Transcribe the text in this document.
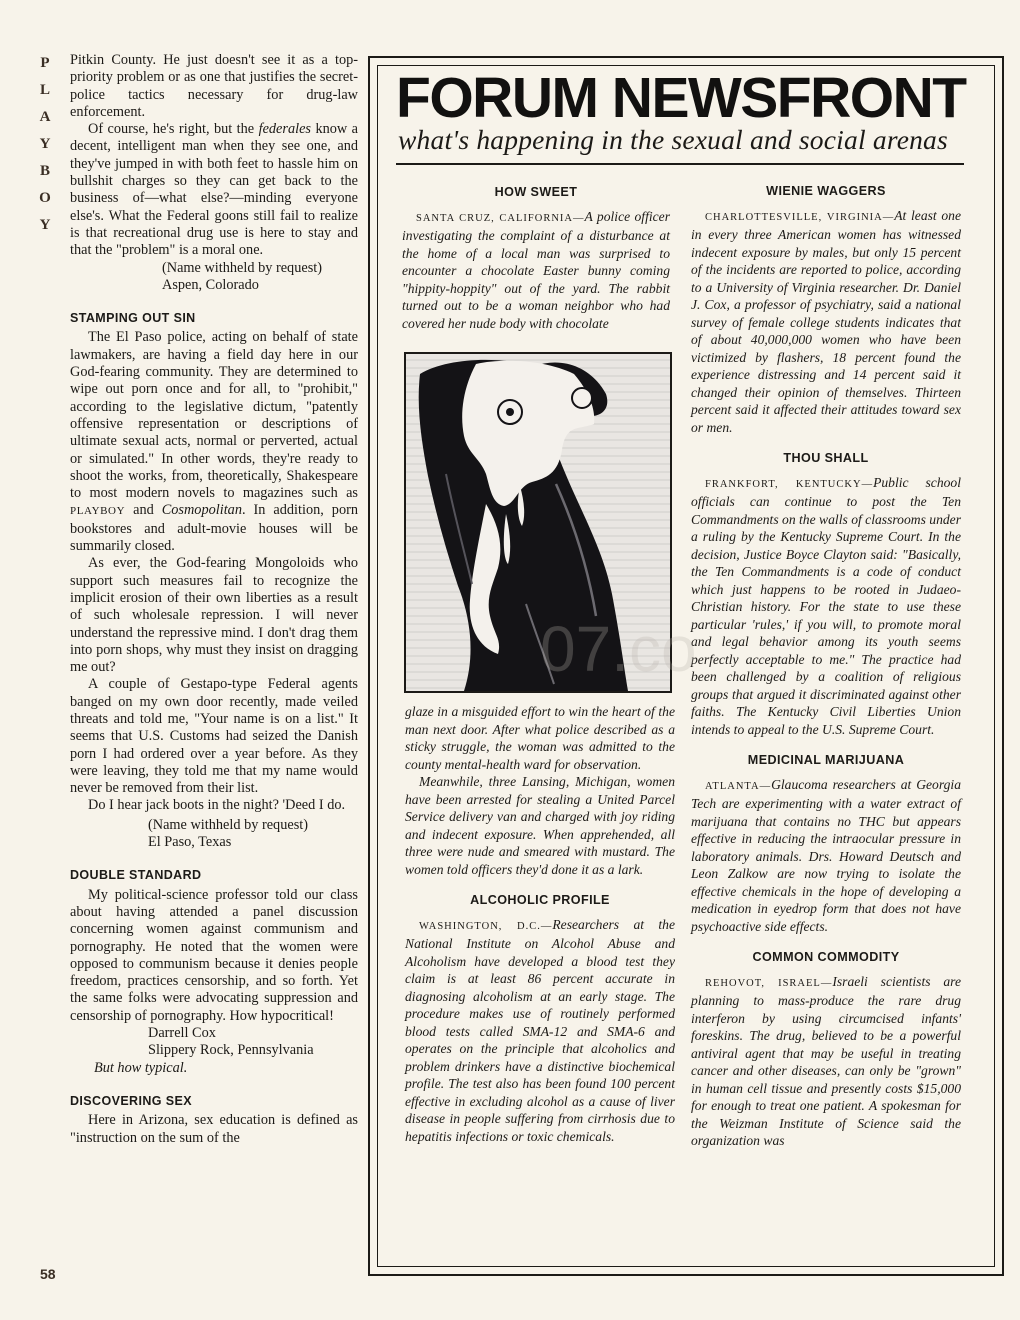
P
L
A
Y
B
O
Y
58

Pitkin County. He just doesn't see it as a top-priority problem or as one that justifies the secret-police tactics necessary for drug-law enforcement.

Of course, he's right, but the federales know a decent, intelligent man when they see one, and they've jumped in with both feet to hassle him on bullshit charges so they can get back to the business of—what else?—minding everyone else's. What the Federal goons still fail to realize is that recreational drug use is here to stay and that the "problem" is a moral one.

(Name withheld by request)

Aspen, Colorado

STAMPING OUT SIN

The El Paso police, acting on behalf of state lawmakers, are having a field day here in our God-fearing community. They are determined to wipe out porn once and for all, to "prohibit," according to the legislative dictum, "patently offensive representation or descriptions of ultimate sexual acts, normal or perverted, actual or simulated." In other words, they're ready to shoot the works, from, theoretically, Shakespeare to most modern novels to magazines such as PLAYBOY and Cosmopolitan. In addition, porn bookstores and adult-movie houses will be summarily closed.

As ever, the God-fearing Mongoloids who support such measures fail to recognize the implicit erosion of their own liberties as a result of such wholesale repression. I will never understand the repressive mind. I don't drag them into porn shops, why must they insist on dragging me out?

A couple of Gestapo-type Federal agents banged on my own door recently, made veiled threats and told me, "Your name is on a list." It seems that U.S. Customs had seized the Danish porn I had ordered over a year before. As they were leaving, they told me that my name would never be removed from their list.

Do I hear jack boots in the night? 'Deed I do.

(Name withheld by request)

El Paso, Texas

DOUBLE STANDARD

My political-science professor told our class about having attended a panel discussion concerning women against communism and pornography. He noted that the women were opposed to communism because it denies people freedom, practices censorship, and so forth. Yet the same folks were advocating suppression and censorship of pornography. How hypocritical!

Darrell Cox

Slippery Rock, Pennsylvania

But how typical.

DISCOVERING SEX

Here in Arizona, sex education is defined as "instruction on the sum of the

FORUM NEWSFRONT
what's happening in the sexual and social arenas
HOW SWEET

SANTA CRUZ, CALIFORNIA—A police officer investigating the complaint of a disturbance at the home of a local man was surprised to encounter a chocolate Easter bunny coming "hippity-hoppity" out of the yard. The rabbit turned out to be a woman neighbor who had covered her nude body with chocolate

glaze in a misguided effort to win the heart of the man next door. After what police described as a sticky struggle, the woman was admitted to the county mental-health ward for observation.

Meanwhile, three Lansing, Michigan, women have been arrested for stealing a United Parcel Service delivery van and charged with joy riding and indecent exposure. When apprehended, all three were nude and smeared with mustard. The women told officers they'd done it as a lark.

ALCOHOLIC PROFILE

WASHINGTON, D.C.—Researchers at the National Institute on Alcohol Abuse and Alcoholism have developed a blood test they claim is at least 86 percent accurate in diagnosing alcoholism at an early stage. The procedure makes use of routinely performed blood tests called SMA-12 and SMA-6 and operates on the principle that alcoholics and problem drinkers have a distinctive biochemical profile. The test also has been found 100 percent effective in excluding alcohol as a cause of liver disease in people suffering from cirrhosis due to hepatitis infections or toxic chemicals.

WIENIE WAGGERS

CHARLOTTESVILLE, VIRGINIA—At least one in every three American women has witnessed indecent exposure by males, but only 15 percent of the incidents are reported to police, according to a University of Virginia researcher. Dr. Daniel J. Cox, a professor of psychiatry, said a national survey of female college students indicates that of about 40,000,000 women who have been victimized by flashers, 18 percent found the experience distressing and 14 percent said it changed their opinion of themselves. Thirteen percent said it affected their attitudes toward sex or men.

THOU SHALL

FRANKFORT, KENTUCKY—Public school officials can continue to post the Ten Commandments on the walls of classrooms under a ruling by the Kentucky Supreme Court. In the decision, Justice Boyce Clayton said: "Basically, the Ten Commandments is a code of conduct which just happens to be rooted in Judaeo-Christian history. For the state to use these particular 'rules,' if you will, to promote moral and legal behavior among its youth seems perfectly acceptable to me." The practice had been challenged by a coalition of religious groups that argued it discriminated against other faiths. The Kentucky Civil Liberties Union intends to appeal to the U.S. Supreme Court.

MEDICINAL MARIJUANA

ATLANTA—Glaucoma researchers at Georgia Tech are experimenting with a water extract of marijuana that contains no THC but appears effective in reducing the intraocular pressure in laboratory animals. Drs. Howard Deutsch and Leon Zalkow are now trying to isolate the effective chemicals in the hope of developing a medication in eyedrop form that does not have psychoactive side effects.

COMMON COMMODITY

REHOVOT, ISRAEL—Israeli scientists are planning to mass-produce the rare drug interferon by using circumcised infants' foreskins. The drug, believed to be a powerful antiviral agent that may be useful in treating cancer and other diseases, can only be "grown" in human cell tissue and presently costs $15,000 for enough to treat one patient. A spokesman for the Weizman Institute of Science said the organization was

07.co
